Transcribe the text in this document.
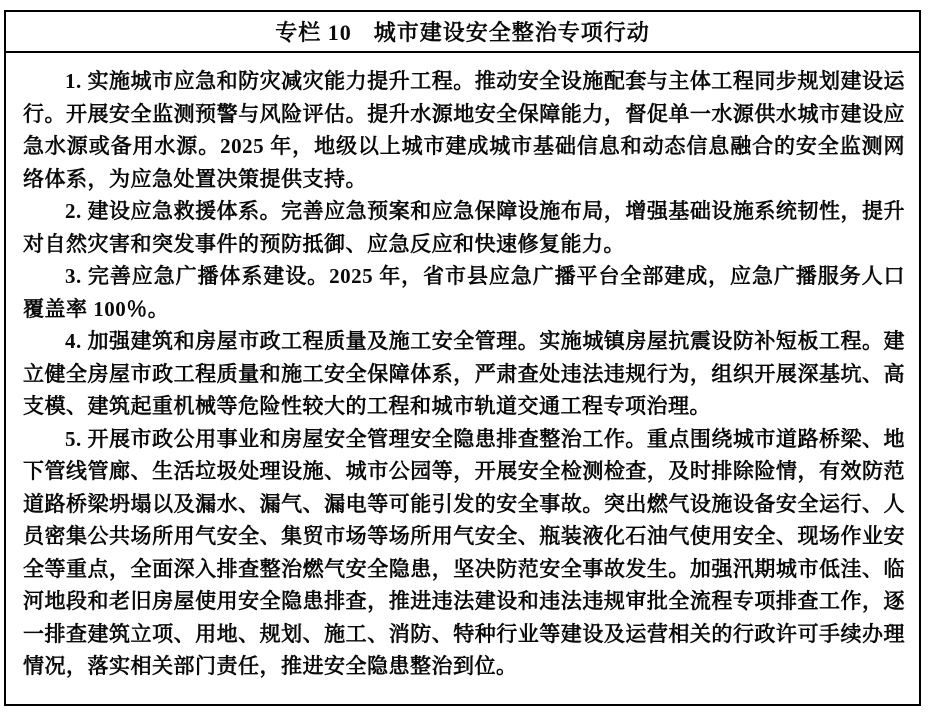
专栏 10 城市建设安全整治专项行动

1. 实施城市应急和防灾减灾能力提升工程。推动安全设施配套与主体工程同步规划建设运行。开展安全监测预警与风险评估。提升水源地安全保障能力，督促单一水源供水城市建设应急水源或备用水源。2025 年，地级以上城市建成城市基础信息和动态信息融合的安全监测网络体系，为应急处置决策提供支持。

2. 建设应急救援体系。完善应急预案和应急保障设施布局，增强基础设施系统韧性，提升对自然灾害和突发事件的预防抵御、应急反应和快速修复能力。

3. 完善应急广播体系建设。2025 年，省市县应急广播平台全部建成，应急广播服务人口覆盖率 100％。

4. 加强建筑和房屋市政工程质量及施工安全管理。实施城镇房屋抗震设防补短板工程。建立健全房屋市政工程质量和施工安全保障体系，严肃查处违法违规行为，组织开展深基坑、高支模、建筑起重机械等危险性较大的工程和城市轨道交通工程专项治理。

5. 开展市政公用事业和房屋安全管理安全隐患排查整治工作。重点围绕城市道路桥梁、地下管线管廊、生活垃圾处理设施、城市公园等，开展安全检测检查，及时排除险情，有效防范道路桥梁坍塌以及漏水、漏气、漏电等可能引发的安全事故。突出燃气设施设备安全运行、人员密集公共场所用气安全、集贸市场等场所用气安全、瓶装液化石油气使用安全、现场作业安全等重点，全面深入排查整治燃气安全隐患，坚决防范安全事故发生。加强汛期城市低洼、临河地段和老旧房屋使用安全隐患排查，推进违法建设和违法违规审批全流程专项排查工作，逐一排查建筑立项、用地、规划、施工、消防、特种行业等建设及运营相关的行政许可手续办理情况，落实相关部门责任，推进安全隐患整治到位。
